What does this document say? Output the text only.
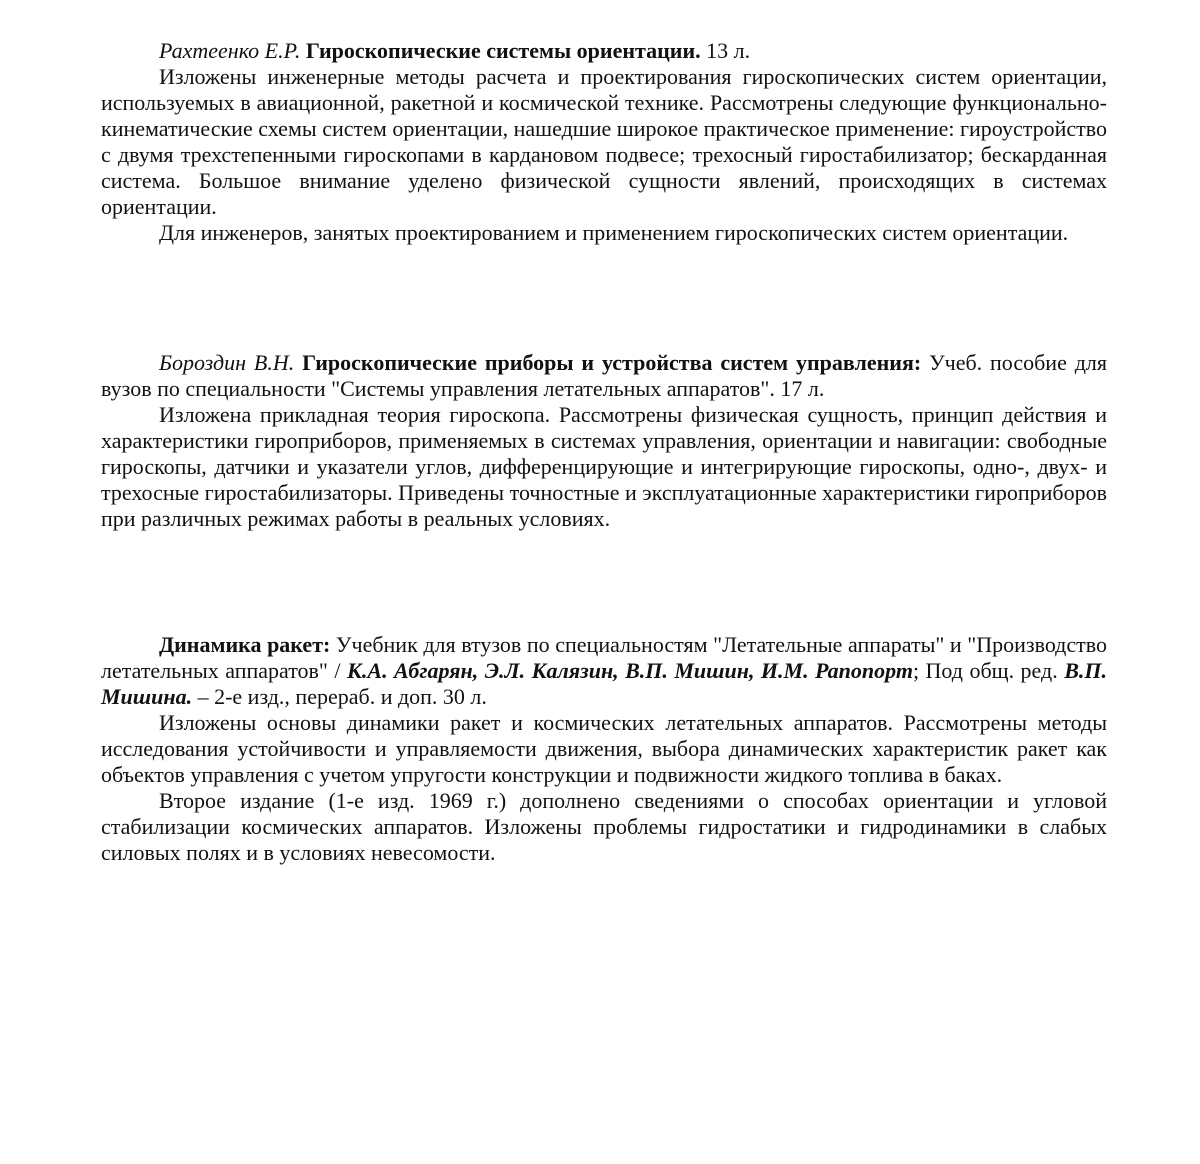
Рахтеенко Е.Р. Гироскопические системы ориентации. 13 л.

Изложены инженерные методы расчета и проектирования гироскопических систем ориентации, используемых в авиационной, ракетной и космической технике. Рассмотрены следующие функционально-кинематические схемы систем ориентации, нашедшие широкое практическое применение: гироустройство с двумя трехстепенными гироскопами в кардановом подвесе; трехосный гиростабилизатор; бескарданная система. Большое внимание уделено физической сущности явлений, происходящих в системах ориентации.

Для инженеров, занятых проектированием и применением гироскопических систем ориентации.

Бороздин В.Н. Гироскопические приборы и устройства систем управления: Учеб. пособие для вузов по специальности "Системы управления летательных аппаратов". 17 л.

Изложена прикладная теория гироскопа. Рассмотрены физическая сущность, принцип действия и характеристики гироприборов, применяемых в системах управления, ориентации и навигации: свободные гироскопы, датчики и указатели углов, дифференцирующие и интегрирующие гироскопы, одно-, двух- и трехосные гиростабилизаторы. Приведены точностные и эксплуатационные характеристики гироприборов при различных режимах работы в реальных условиях.

Динамика ракет: Учебник для втузов по специальностям "Летательные аппараты" и "Производство летательных аппаратов" / К.А. Абгарян, Э.Л. Калязин, В.П. Мишин, И.М. Рапопорт; Под общ. ред. В.П. Мишина. – 2-е изд., перераб. и доп. 30 л.

Изложены основы динамики ракет и космических летательных аппаратов. Рассмотрены методы исследования устойчивости и управляемости движения, выбора динамических характеристик ракет как объектов управления с учетом упругости конструкции и подвижности жидкого топлива в баках.

Второе издание (1-е изд. 1969 г.) дополнено сведениями о способах ориентации и угловой стабилизации космических аппаратов. Изложены проблемы гидростатики и гидродинамики в слабых силовых полях и в условиях невесомости.
